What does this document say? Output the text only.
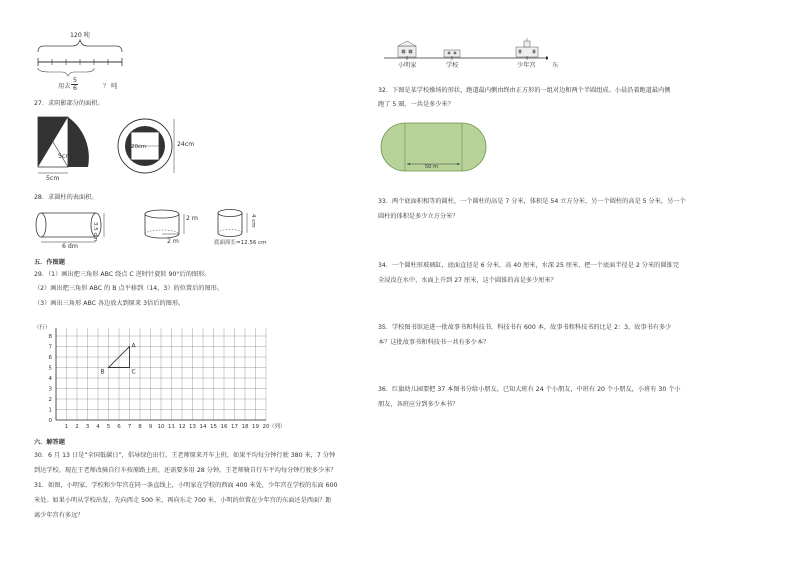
120 吨
用去
5
6	？ 吨
27．求阴影部分的面积。
5cm
5cm
20cm	24cm
28．求圆柱的表面积。
3.5 dm
6 dm
2 m
2 m
4 cm
底面周长=12.56 cm
五．作图题
29．（1）画出把三角形 ABC 绕点 C 逆时针旋转 90°后的图形。
（2）画出把三角形 ABC 的 B 点平移到（14，3）的位置后的图形。
（3）画出三角形 ABC 各边放大到原来 3倍后的图形。
（行）
1 2 3 4 5 6 7 8 9 10 11 12 13 14 15 16 17 18 19 20 （列）
8
7
6
5
4
3
2
1
0
A
B	C
六．解答题
30．6 月 13 日是“全国低碳日”，倡导绿色出行。王老师原来开车上班，如果平均每分钟行驶 380 米，7 分钟
到达学校。现在王老师改骑自行车按原路上班，还需要多用 28 分钟。王老师骑自行车平均每分钟行驶多少米？
31．如图，小明家、学校和少年宫在同一条直线上，小明家在学校的西面 400 米处，少年宫在学校的东面 600
米处。如果小明从学校出发，先向西走 500 米，再向东走 700 米，小明的位置在少年宫的东面还是西面？距
离少年宫有多远？
小明家	学校	少年宫	东
32．下图是某学校操场的形状，跑道最内侧由终由正方形的一组对边和两个半圆组成。小晨沿着跑道最内侧
跑了 5 圈，一共是多少米？
50 m
33．两个底面积相等的圆柱，一个圆柱的高是 7 分米，体积是 54 立方分米，另一个圆柱的高是 5 分米，另一个
圆柱的体积是多少立方分米？
34．一个圆柱形玻璃缸，底面直径是 6 分米，高 40 厘米，水深 25 厘米，把一个底面半径是 2 分米的圆锥完
全浸没在水中，水面上升到 27 厘米，这个圆锥的高是多少厘米？
35．学校图书馆运进一批故事书和科技书，科技书有 600 本，故事书和科技书的比是 2：3，故事书有多少
本？这批故事书和科技书一共有多少本？
36．红旗幼儿园要把 37 本图书分给小朋友。已知大班有 24 个小朋友，中班有 20 个小朋友，小班有 30 个小
朋友，各班应分到多少本书？
